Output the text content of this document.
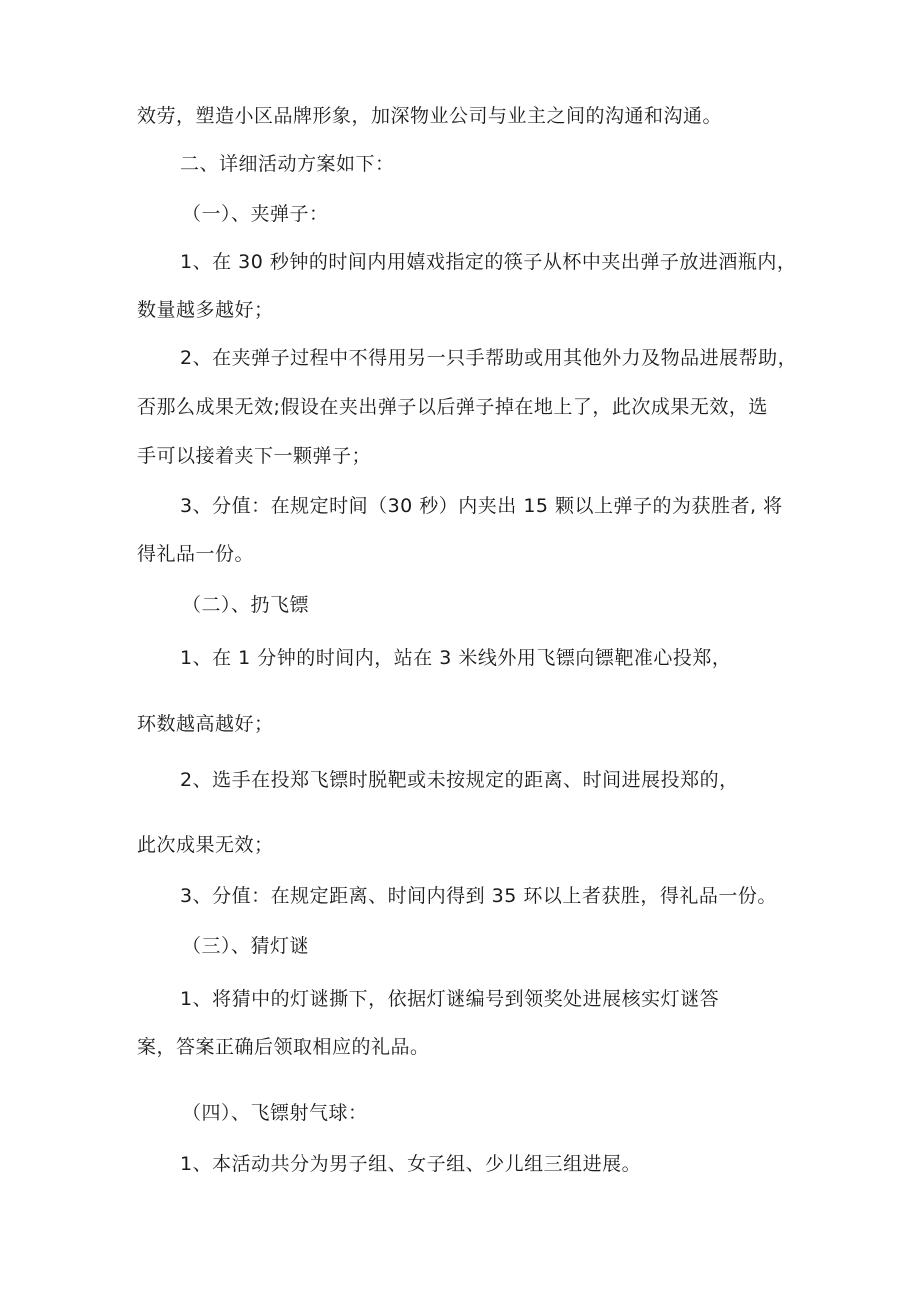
效劳，塑造小区品牌形象，加深物业公司与业主之间的沟通和沟通。
二、详细活动方案如下：
（一）、夹弹子：
1、在 30 秒钟的时间内用嬉戏指定的筷子从杯中夹出弹子放进酒瓶内，
数量越多越好；
2、在夹弹子过程中不得用另一只手帮助或用其他外力及物品进展帮助，
否那么成果无效;假设在夹出弹子以后弹子掉在地上了，此次成果无效，选
手可以接着夹下一颗弹子；
3、分值：在规定时间（30 秒）内夹出 15 颗以上弹子的为获胜者, 将
得礼品一份。
（二）、扔飞镖
1、在 1 分钟的时间内，站在 3 米线外用飞镖向镖靶准心投郑，
环数越高越好；
2、选手在投郑飞镖时脱靶或未按规定的距离、时间进展投郑的，
此次成果无效；
3、分值：在规定距离、时间内得到 35 环以上者获胜，得礼品一份。
（三）、猜灯谜
1、将猜中的灯谜撕下，依据灯谜编号到领奖处进展核实灯谜答
案，答案正确后领取相应的礼品。
（四）、飞镖射气球：
1、本活动共分为男子组、女子组、少儿组三组进展。
